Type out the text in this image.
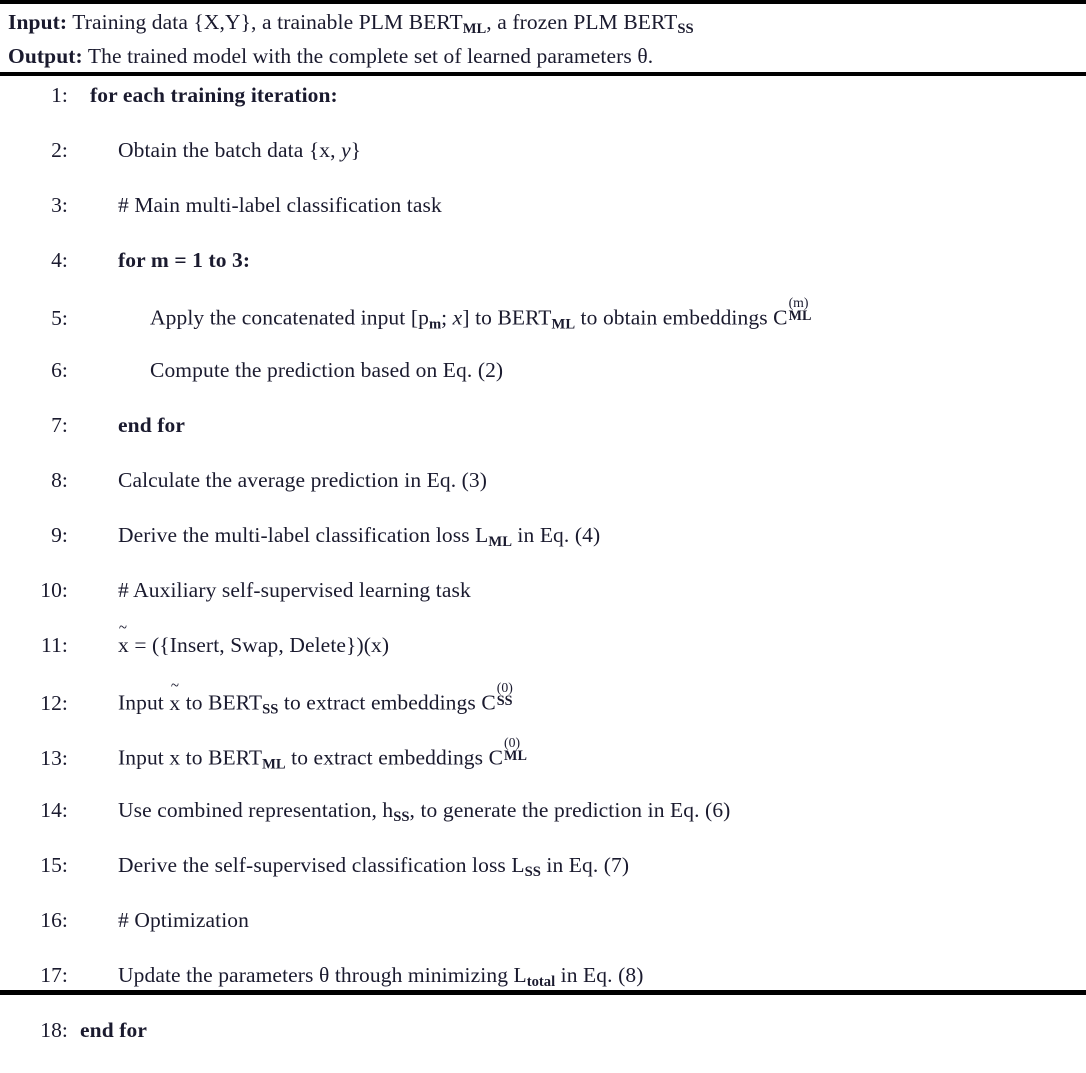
Input: Training data {X,Y}, a trainable PLM $BERT_{ML}$, a frozen PLM $BERT_{SS}$
Output: The trained model with the complete set of learned parameters θ.
1:	for each training iteration:
2:	Obtain the batch data {x, y}
3:	# Main multi-label classification task
4:	for m = 1 to 3:
5:	Apply the concatenated input [$p_m$; x] to $BERT_{ML}$ to obtain embeddings C
(m)
ML
6:	Compute the prediction based on Eq. (2)
7:	end for
8:	Calculate the average prediction in Eq. (3)
9:	Derive the multi-label classification loss $L_{ML}$ in Eq. (4)
10:	# Auxiliary self-supervised learning task
11:	~ x = ({Insert, Swap, Delete})(x)
12:	Input ~ x to $BERT_{SS}$ to extract embeddings C
(0)
SS
13:	Input x to $BERT_{ML}$ to extract embeddings C
(0)
ML
14:	Use combined representation, $h_{SS}$, to generate the prediction in Eq. (6)
15:	Derive the self-supervised classification loss $L_{SS}$ in Eq. (7)
16:	# Optimization
17:	Update the parameters θ through minimizing $L_{total}$ in Eq. (8)
18: end for
